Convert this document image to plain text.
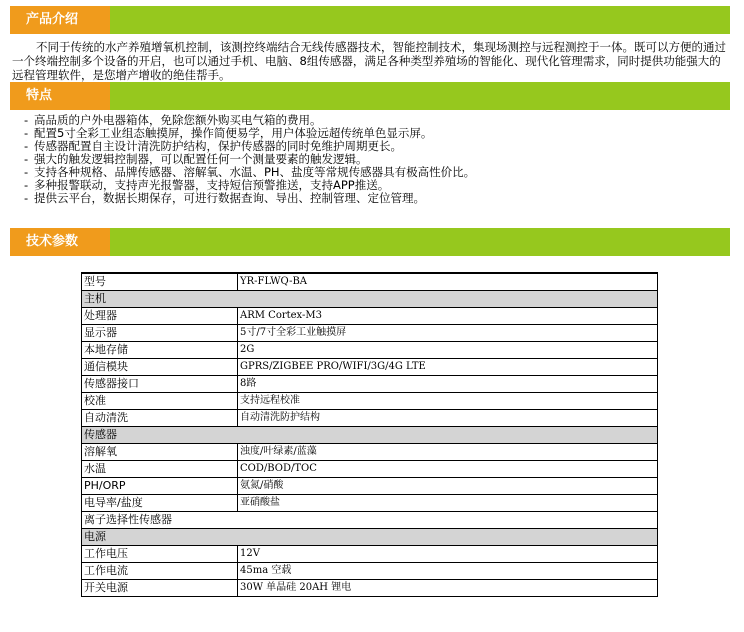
产品介绍

不同于传统的水产养殖增氧机控制，该测控终端结合无线传感器技术，智能控制技术，集现场测控与远程测控于一体。既可以方便的通过一个终端控制多个设备的开启，也可以通过手机、电脑、8组传感器，满足各种类型养殖场的智能化、现代化管理需求，同时提供功能强大的远程管理软件，是您增产增收的绝佳帮手。

特点
- 高品质的户外电器箱体，免除您额外购买电气箱的费用。
- 配置5寸全彩工业组态触摸屏，操作简便易学，用户体验远超传统单色显示屏。
- 传感器配置自主设计清洗防护结构，保护传感器的同时免维护周期更长。
- 强大的触发逻辑控制器，可以配置任何一个测量要素的触发逻辑。
- 支持各种规格、品牌传感器、溶解氧、水温、PH、盐度等常规传感器具有极高性价比。
- 多种报警联动，支持声光报警器，支持短信预警推送，支持APP推送。
- 提供云平台，数据长期保存，可进行数据查询、导出、控制管理、定位管理。
技术参数
型号	YR-FLWQ-BA
主机	
处理器	ARM Cortex-M3
显示器	5寸/7寸全彩工业触摸屏
本地存储	2G
通信模块	GPRS/ZIGBEE PRO/WIFI/3G/4G LTE
传感器接口	8路
校准	支持远程校准
自动清洗	自动清洗防护结构
传感器	
溶解氧	浊度/叶绿素/蓝藻
水温	COD/BOD/TOC
PH/ORP	氨氮/硝酸
电导率/盐度	亚硝酸盐
离子选择性传感器	
电源	
工作电压	12V
工作电流	45ma 空载
开关电源	30W 单晶硅 20AH 锂电
